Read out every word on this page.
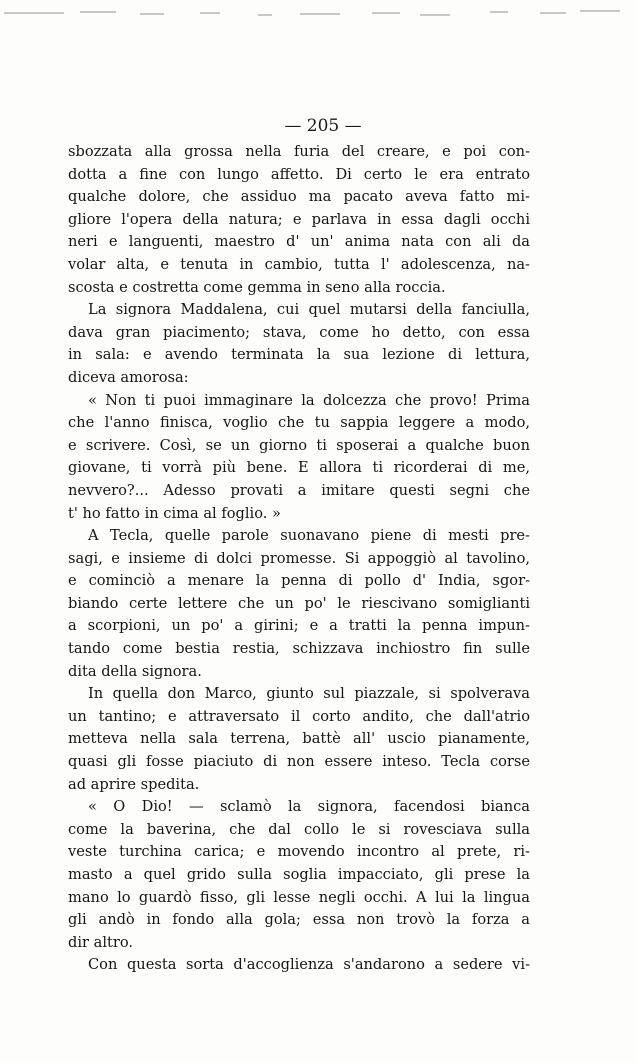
— 205 —
sbozzata alla grossa nella furia del creare, e poi con-
dotta a fine con lungo affetto. Di certo le era entrato
qualche dolore, che assiduo ma pacato aveva fatto mi-
gliore l'opera della natura; e parlava in essa dagli occhi
neri e languenti, maestro d' un' anima nata con ali da
volar alta, e tenuta in cambio, tutta l' adolescenza, na-
scosta e costretta come gemma in seno alla roccia.
La signora Maddalena, cui quel mutarsi della fanciulla,
dava gran piacimento; stava, come ho detto, con essa
in sala: e avendo terminata la sua lezione di lettura,
diceva amorosa:
« Non ti puoi immaginare la dolcezza che provo! Prima
che l'anno finisca, voglio che tu sappia leggere a modo,
e scrivere. Così, se un giorno ti sposerai a qualche buon
giovane, ti vorrà più bene. E allora ti ricorderai di me,
nevvero?... Adesso provati a imitare questi segni che
t' ho fatto in cima al foglio. »
A Tecla, quelle parole suonavano piene di mesti pre-
sagi, e insieme di dolci promesse. Si appoggiò al tavolino,
e cominciò a menare la penna di pollo d' India, sgor-
biando certe lettere che un po' le riescivano somiglianti
a scorpioni, un po' a girini; e a tratti la penna impun-
tando come bestia restia, schizzava inchiostro fin sulle
dita della signora.
In quella don Marco, giunto sul piazzale, si spolverava
un tantino; e attraversato il corto andito, che dall'atrio
metteva nella sala terrena, battè all' uscio pianamente,
quasi gli fosse piaciuto di non essere inteso. Tecla corse
ad aprire spedita.
« O Dio! — sclamò la signora, facendosi bianca
come la baverina, che dal collo le si rovesciava sulla
veste turchina carica; e movendo incontro al prete, ri-
masto a quel grido sulla soglia impacciato, gli prese la
mano lo guardò fisso, gli lesse negli occhi. A lui la lingua
gli andò in fondo alla gola; essa non trovò la forza a
dir altro.
Con questa sorta d'accoglienza s'andarono a sedere vi-
